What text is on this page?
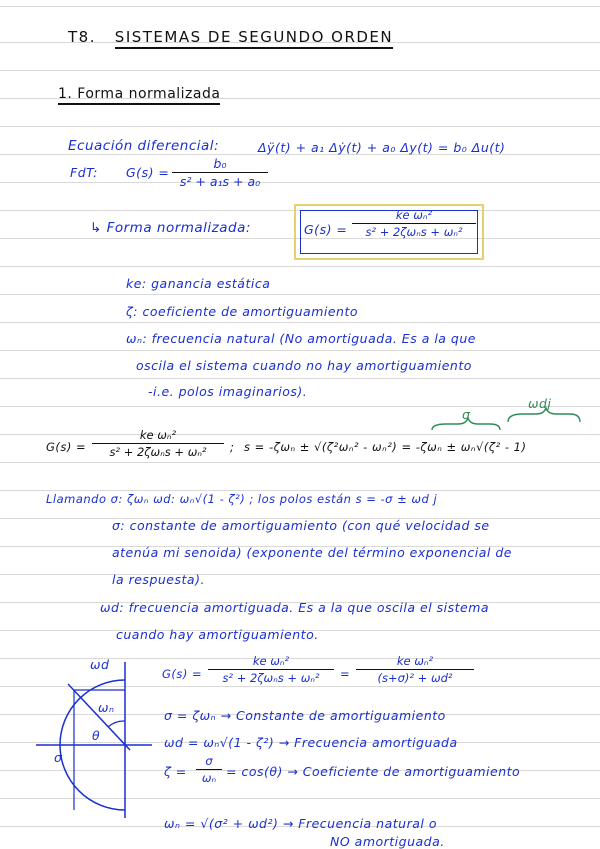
T8. SISTEMAS DE SEGUNDO ORDEN
1. Forma normalizada
Ecuación diferencial:	Δÿ(t) + a₁ Δẏ(t) + a₀ Δy(t) = b₀ Δu(t)
FdT: $G(s) = \frac{\text{b₀}}{\text{s² + a₁s + a₀}}$
↳ Forma normalizada:	G(s) =
ke ωₙ²
s² + 2ζωₙs + ωₙ²
ke: ganancia estática
ζ: coeficiente de amortiguamiento
ωₙ: frecuencia natural (No amortiguada. Es a la que
oscila el sistema cuando no hay amortiguamiento
-i.e. polos imaginarios).
G(s) =
ke ωₙ²
s² + 2ζωₙs + ωₙ²	; s = -ζωₙ ± √(ζ²ωₙ² - ωₙ²) = -ζωₙ ± ωₙ√(ζ² - 1)
σ
ωdj
Llamando σ: ζωₙ ωd: ωₙ√(1 - ζ²) ; los polos están s = -σ ± ωd j
σ: constante de amortiguamiento (con qué velocidad se
atenúa mi senoida) (exponente del término exponencial de
la respuesta).
ωd: frecuencia amortiguada. Es a la que oscila el sistema
cuando hay amortiguamiento.
ωd
ωₙ
θ
σ
G(s) =
ke ωₙ²
s² + 2ζωₙs + ωₙ²	= $\frac{\text{ke ωₙ²}}{\text{(s+σ)² + ωd²}}$
σ = ζωₙ → Constante de amortiguamiento
ωd = ωₙ√(1 - ζ²) → Frecuencia amortiguada
$\zeta = \frac{\sigma}{\text{ωₙ}} = \cos(\theta)$ → Coeficiente de amortiguamiento
ωₙ = √(σ² + ωd²) → Frecuencia natural o
NO amortiguada.
